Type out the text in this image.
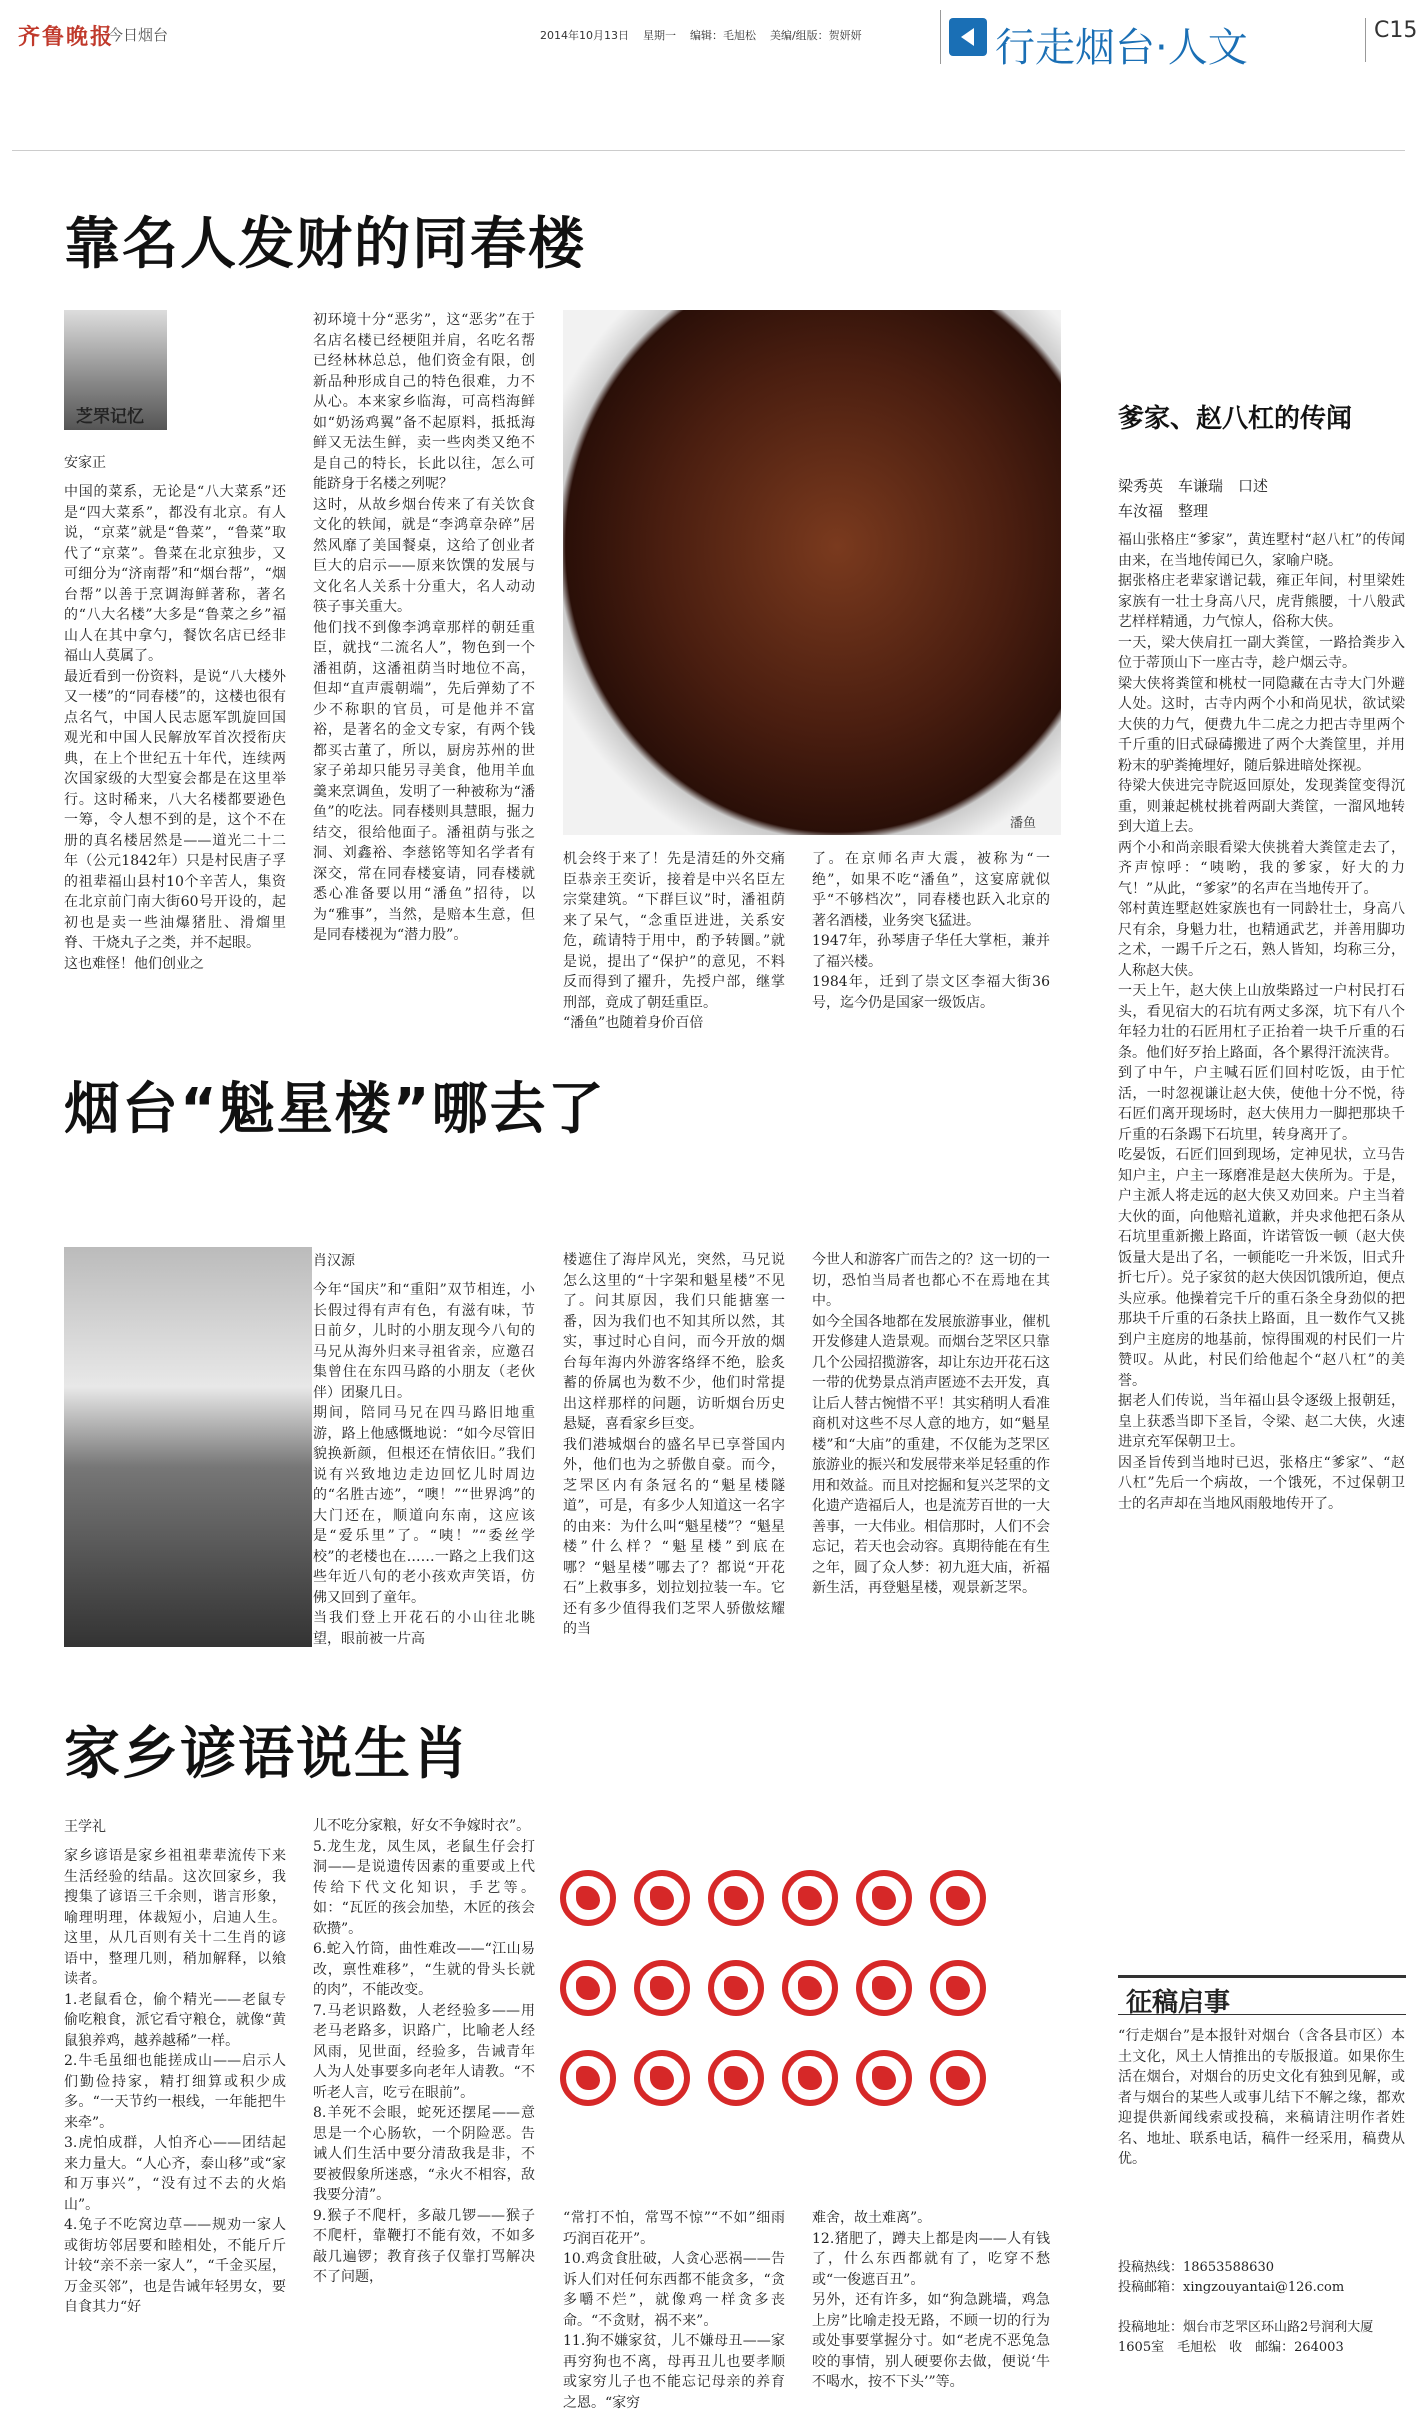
齐鲁晚报
今日烟台	2014年10月13日    星期一    编辑：毛旭松    美编/组版：贺妍妍	行走烟台·人文	C15
靠名人发财的同春楼
芝罘记忆
安家正
中国的菜系，无论是“八大菜系”还是“四大菜系”，都没有北京。有人说，“京菜”就是“鲁菜”，“鲁菜”取代了“京菜”。鲁菜在北京独步，又可细分为“济南帮”和“烟台帮”，“烟台帮”以善于烹调海鲜著称，著名的“八大名楼”大多是“鲁菜之乡”福山人在其中拿勺，餐饮名店已经非福山人莫属了。
最近看到一份资料，是说“八大楼外又一楼”的“同春楼”的，这楼也很有点名气，中国人民志愿军凯旋回国观光和中国人民解放军首次授衔庆典，在上个世纪五十年代，连续两次国家级的大型宴会都是在这里举行。这时稀来，八大名楼都要逊色一筹，令人想不到的是，这个不在册的真名楼居然是——道光二十二年（公元1842年）只是村民唐子孚的祖辈福山县村10个辛苦人，集资在北京前门南大街60号开设的，起初也是卖一些油爆猪肚、滑熘里脊、干烧丸子之类，并不起眼。
这也难怪！他们创业之
初环境十分“恶劣”，这“恶劣”在于名店名楼已经梗阻并肩，名吃名帮已经林林总总，他们资金有限，创新品种形成自己的特色很难，力不从心。本来家乡临海，可高档海鲜如“奶汤鸡翼”备不起原料，抵抵海鲜又无法生鲜，卖一些肉类又绝不是自己的特长，长此以往，怎么可能跻身于名楼之列呢？
这时，从故乡烟台传来了有关饮食文化的轶闻，就是“李鸿章杂碎”居然风靡了美国餐桌，这给了创业者巨大的启示——原来饮馔的发展与文化名人关系十分重大，名人动动筷子事关重大。
他们找不到像李鸿章那样的朝廷重臣，就找“二流名人”，物色到一个潘祖荫，这潘祖荫当时地位不高，但却“直声震朝端”，先后弹劾了不少不称职的官员，可是他并不富裕，是著名的金文专家，有两个钱都买古董了，所以，厨房苏州的世家子弟却只能另寻美食，他用羊血羹来烹调鱼，发明了一种被称为“潘鱼”的吃法。同春楼则具慧眼，掘力结交，很给他面子。潘祖荫与张之洞、刘鑫裕、李慈铭等知名学者有深交，常在同春楼宴请，同春楼就悉心准备要以用“潘鱼”招待，以为“雅事”，当然，是赔本生意，但是同春楼视为“潜力股”。
潘鱼
机会终于来了！先是清廷的外交痛臣恭亲王奕䜣，接着是中兴名臣左宗棠建筑。“下群巨议”时，潘祖荫来了呆气，“念重臣进进，关系安危，疏请特于用中，酌予转圜。”就是说，提出了“保护”的意见，不料反而得到了擢升，先授户部，继掌刑部，竟成了朝廷重臣。
“潘鱼”也随着身价百倍
了。在京师名声大震，被称为“一绝”，如果不吃“潘鱼”，这宴席就似乎“不够档次”，同春楼也跃入北京的著名酒楼，业务突飞猛进。
1947年，孙琴唐子华任大掌柜，兼并了福兴楼。
1984年，迁到了崇文区李福大街36号，迄今仍是国家一级饭店。
爹家、赵八杠的传闻
梁秀英　车谦瑞　口述
车汝福　整理
福山张格庄“爹家”，黄连墅村“赵八杠”的传闻由来，在当地传闻已久，家喻户晓。
据张格庄老辈家谱记载，雍正年间，村里梁姓家族有一壮士身高八尺，虎背熊腰，十八般武艺样样精通，力气惊人，俗称大侠。
一天，梁大侠肩扛一副大粪筐，一路拾粪步入位于蒂顶山下一座古寺，趁户烟云寺。
梁大侠将粪筐和桃杖一同隐藏在古寺大门外避人处。这时，古寺内两个小和尚见状，欲试梁大侠的力气，便费九牛二虎之力把古寺里两个千斤重的旧式碌碡搬进了两个大粪筐里，并用粉末的驴粪掩埋好，随后躲进暗处探视。
待梁大侠进完寺院返回原处，发现粪筐变得沉重，则兼起桃杖挑着两副大粪筐，一溜风地转到大道上去。
两个小和尚亲眼看梁大侠挑着大粪筐走去了，齐声惊呼：“咦哟，我的爹家，好大的力气！”从此，“爹家”的名声在当地传开了。
邻村黄连墅赵姓家族也有一同龄壮士，身高八尺有余，身魁力壮，也精通武艺，并善用脚功之术，一踢千斤之石，熟人皆知，均称三分，人称赵大侠。
一天上午，赵大侠上山放柴路过一户村民打石头，看见宿大的石坑有两丈多深，坑下有八个年轻力壮的石匠用杠子正抬着一块千斤重的石条。他们好歹抬上路面，各个累得汗流浃背。
到了中午，户主喊石匠们回村吃饭，由于忙活，一时忽视谦让赵大侠，使他十分不悦，待石匠们离开现场时，赵大侠用力一脚把那块千斤重的石条踢下石坑里，转身离开了。
吃晏饭，石匠们回到现场，定神见状，立马告知户主，户主一琢磨准是赵大侠所为。于是，户主派人将走远的赵大侠又劝回来。户主当着大伙的面，向他赔礼道歉，并央求他把石条从石坑里重新搬上路面，许诺管饭一顿（赵大侠饭量大是出了名，一顿能吃一升米饭，旧式升折七斤）。兑子家贫的赵大侠因饥饿所迫，便点头应承。他操着完千斤的重石条全身劲似的把那块千斤重的石条扶上路面，且一数作气又挑到户主庭房的地基前，惊得围观的村民们一片赞叹。从此，村民们给他起个“赵八杠”的美誉。
据老人们传说，当年福山县令逐级上报朝廷，皇上获悉当即下圣旨，令梁、赵二大侠，火速进京充军保朝卫士。
因圣旨传到当地时已迟，张格庄“爹家”、“赵八杠”先后一个病故，一个饿死，不过保朝卫士的名声却在当地风雨般地传开了。
烟台“魁星楼”哪去了
肖汉源
今年“国庆”和“重阳”双节相连，小长假过得有声有色，有滋有味，节日前夕，儿时的小朋友现今八旬的马兄从海外归来寻祖省亲，应邀召集曾住在东四马路的小朋友（老伙伴）团聚几日。
期间，陪同马兄在四马路旧地重游，路上他感慨地说：“如今尽管旧貌换新颜，但根还在情依旧。”我们说有兴致地边走边回忆儿时周边的“名胜古迹”，“噢！”“世界鸿”的大门还在，顺道向东南，这应该是“爱乐里”了。“咦！”“委丝学校”的老楼也在……一路之上我们这些年近八旬的老小孩欢声笑语，仿佛又回到了童年。
当我们登上开花石的小山往北眺望，眼前被一片高
楼遮住了海岸风光，突然，马兄说怎么这里的“十字架和魁星楼”不见了。问其原因，我们只能搪塞一番，因为我们也不知其所以然，其实，事过时心自问，而今开放的烟台每年海内外游客络绎不绝，脍炙蓄的侨属也为数不少，他们时常提出这样那样的问题，访昕烟台历史悬疑，喜看家乡巨变。
我们港城烟台的盛名早已享誉国内外，他们也为之骄傲自豪。而今，芝罘区内有条冠名的“魁星楼隧道”，可是，有多少人知道这一名字的由来：为什么叫“魁星楼”？“魁星楼”什么样？“魁星楼”到底在哪？“魁星楼”哪去了？都说“开花石”上救事多，划拉划拉装一车。它还有多少值得我们芝罘人骄傲炫耀的当
今世人和游客广而告之的？这一切的一切，恐怕当局者也都心不在焉地在其中。
如今全国各地都在发展旅游事业，催机开发修建人造景观。而烟台芝罘区只靠几个公园招揽游客，却让东边开花石这一带的优势景点消声匿迹不去开发，真让后人替古惋惜不平！其实稍明人看准商机对这些不尽人意的地方，如“魁星楼”和“大庙”的重建，不仅能为芝罘区旅游业的振兴和发展带来举足轻重的作用和效益。而且对挖掘和复兴芝罘的文化遗产造福后人，也是流芳百世的一大善事，一大伟业。相信那时，人们不会忘记，若天也会动容。真期待能在有生之年，圆了众人梦：初九逛大庙，祈福新生活，再登魁星楼，观景新芝罘。
家乡谚语说生肖
王学礼
家乡谚语是家乡祖祖辈辈流传下来生活经验的结晶。这次回家乡，我搜集了谚语三千余则，谐言形象，喻理明理，体裁短小，启迪人生。这里，从几百则有关十二生肖的谚语中，整理几则，稍加解释，以飨读者。
1.老鼠看仓，偷个精光——老鼠专偷吃粮食，派它看守粮仓，就像“黄鼠狼养鸡，越养越稀”一样。
2.牛毛虽细也能搓成山——启示人们勤俭持家，精打细算或积少成多。“一天节约一根线，一年能把牛来牵”。
3.虎怕成群，人怕齐心——团结起来力量大。“人心齐，泰山移”或“家和万事兴”，“没有过不去的火焰山”。
4.兔子不吃窝边草——规劝一家人或街坊邻居要和睦相处，不能斤斤计较“亲不亲一家人”，“千金买屋，万金买邻”，也是告诫年轻男女，要自食其力“好
儿不吃分家粮，好女不争嫁时衣”。
5.龙生龙，凤生凤，老鼠生仔会打洞——是说遗传因素的重要或上代传给下代文化知识，手艺等。如：“瓦匠的孩会加垫，木匠的孩会砍攒”。
6.蛇入竹筒，曲性难改——“江山易改，禀性难移”，“生就的骨头长就的肉”，不能改变。
7.马老识路数，人老经验多——用老马老路多，识路广，比喻老人经风雨，见世面，经验多，告诫青年人为人处事要多向老年人请教。“不听老人言，吃亏在眼前”。
8.羊死不会眼，蛇死还摆尾——意思是一个心肠软，一个阴险恶。告诫人们生活中要分清敌我是非，不要被假象所迷惑，“永火不相容，敌我要分清”。
9.猴子不爬杆，多敲几锣——猴子不爬杆，靠鞭打不能有效，不如多敲几遍锣；教育孩子仅靠打骂解决不了问题，
“常打不怕，常骂不惊”“不如”细雨巧润百花开”。
10.鸡贪食肚破，人贪心恶祸——告诉人们对任何东西都不能贪多，“贪多嚼不烂”，就像鸡一样贪多丧命。“不贪财，祸不来”。
11.狗不嫌家贫，儿不嫌母丑——家再穷狗也不离，母再丑儿也要孝顺或家穷儿子也不能忘记母亲的养育之恩。“家穷
难舍，故土难离”。
12.猪肥了，蹲夫上都是肉——人有钱了，什么东西都就有了，吃穿不愁或“一俊遮百丑”。
另外，还有许多，如“狗急跳墙，鸡急上房”比喻走投无路，不顾一切的行为或处事要掌握分寸。如“老虎不恶兔急咬的事情，别人硬要你去做，便说‘牛不喝水，按不下头’”等。
征稿启事
“行走烟台”是本报针对烟台（含各县市区）本土文化，风土人情推出的专版报道。如果你生活在烟台，对烟台的历史文化有独到见解，或者与烟台的某些人或事儿结下不解之缘，都欢迎提供新闻线索或投稿，来稿请注明作者姓名、地址、联系电话，稿件一经采用，稿费从优。
投稿热线：18653588630
投稿邮箱：xingzouyantai@126.com
投稿地址：烟台市芝罘区环山路2号润利大厦1605室　毛旭松　收　邮编：264003
